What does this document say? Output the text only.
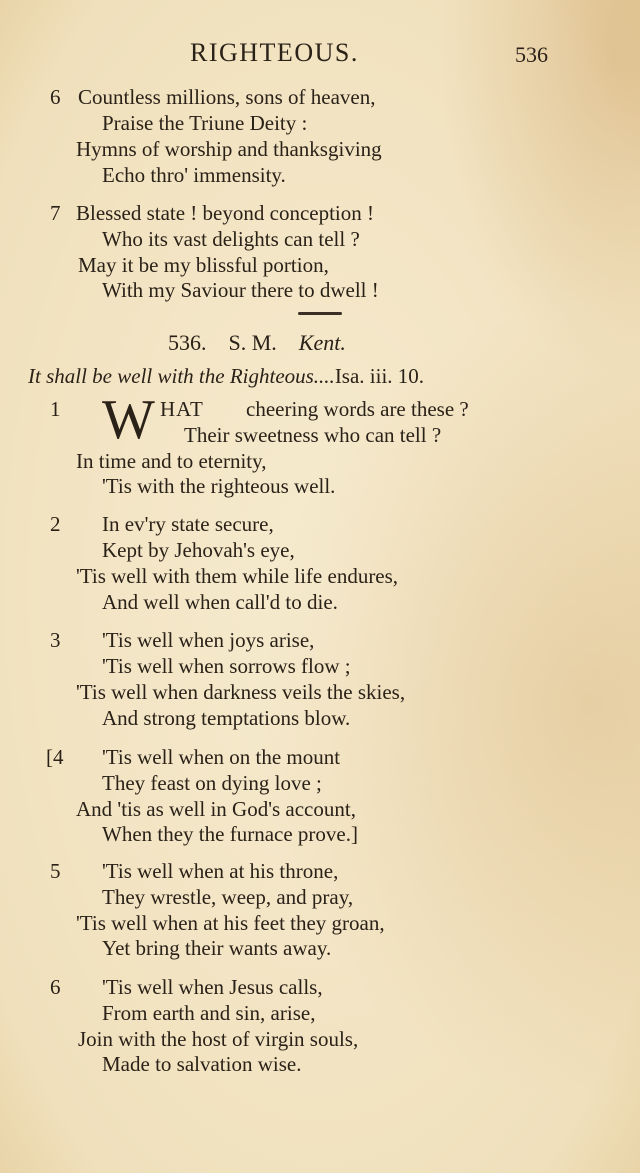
RIGHTEOUS.	536
6 Countless millions, sons of heaven,
Praise the Triune Deity :
Hymns of worship and thanksgiving
Echo thro' immensity.
7 Blessed state ! beyond conception !
Who its vast delights can tell ?
May it be my blissful portion,
With my Saviour there to dwell !
536. S. M. Kent.
It shall be well with the Righteous....Isa. iii. 10.
1 W HAT cheering words are these ?
Their sweetness who can tell ?
In time and to eternity,
'Tis with the righteous well.
2 In ev'ry state secure,
Kept by Jehovah's eye,
'Tis well with them while life endures,
And well when call'd to die.
3 'Tis well when joys arise,
'Tis well when sorrows flow ;
'Tis well when darkness veils the skies,
And strong temptations blow.
[4 'Tis well when on the mount
They feast on dying love ;
And 'tis as well in God's account,
When they the furnace prove.]
5 'Tis well when at his throne,
They wrestle, weep, and pray,
'Tis well when at his feet they groan,
Yet bring their wants away.
6 'Tis well when Jesus calls,
From earth and sin, arise,
Join with the host of virgin souls,
Made to salvation wise.
